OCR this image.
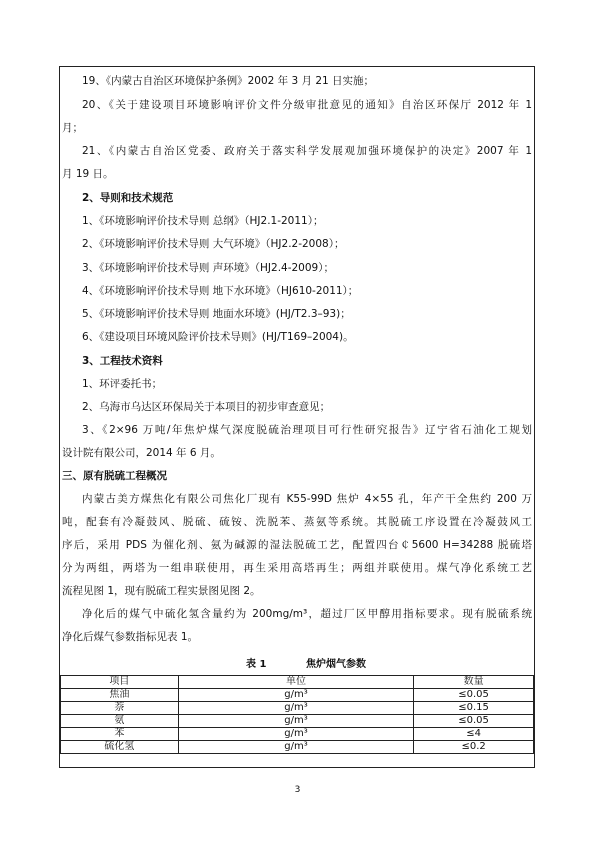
19、《内蒙古自治区环境保护条例》2002 年 3 月 21 日实施；
20、《关于建设项目环境影响评价文件分级审批意见的通知》自治区环保厅 2012 年 1
月；
21、《内蒙古自治区党委、政府关于落实科学发展观加强环境保护的决定》2007 年 1
月 19 日。
2、导则和技术规范
1、《环境影响评价技术导则 总纲》（HJ2.1-2011）；
2、《环境影响评价技术导则 大气环境》（HJ2.2-2008）；
3、《环境影响评价技术导则 声环境》（HJ2.4-2009）；
4、《环境影响评价技术导则 地下水环境》（HJ610-2011）；
5、《环境影响评价技术导则 地面水环境》(HJ/T2.3–93)；
6、《建设项目环境风险评价技术导则》(HJ/T169–2004)。
3、工程技术资料
1、环评委托书；
2、乌海市乌达区环保局关于本项目的初步审查意见；
3、《2×96 万吨/年焦炉煤气深度脱硫治理项目可行性研究报告》辽宁省石油化工规划
设计院有限公司，2014 年 6 月。
三、原有脱硫工程概况
内蒙古美方煤焦化有限公司焦化厂现有 K55-99D 焦炉 4×55 孔，年产干全焦约 200 万
吨，配套有冷凝鼓风、脱硫、硫铵、洗脱苯、蒸氨等系统。其脱硫工序设置在冷凝鼓风工
序后，采用 PDS 为催化剂、氨为碱源的湿法脱硫工艺，配置四台￠5600 H=34288 脱硫塔
分为两组，两塔为一组串联使用，再生采用高塔再生；两组并联使用。煤气净化系统工艺
流程见图 1，现有脱硫工程实景图见图 2。
净化后的煤气中硫化氢含量约为 200mg/m³，超过厂区甲醇用指标要求。现有脱硫系统
净化后煤气参数指标见表 1。
表 1	焦炉烟气参数
项目	单位	数量
焦油	g/m³	≤0.05
萘	g/m³	≤0.15
氨	g/m³	≤0.05
苯	g/m³	≤4
硫化氢	g/m³	≤0.2
3
